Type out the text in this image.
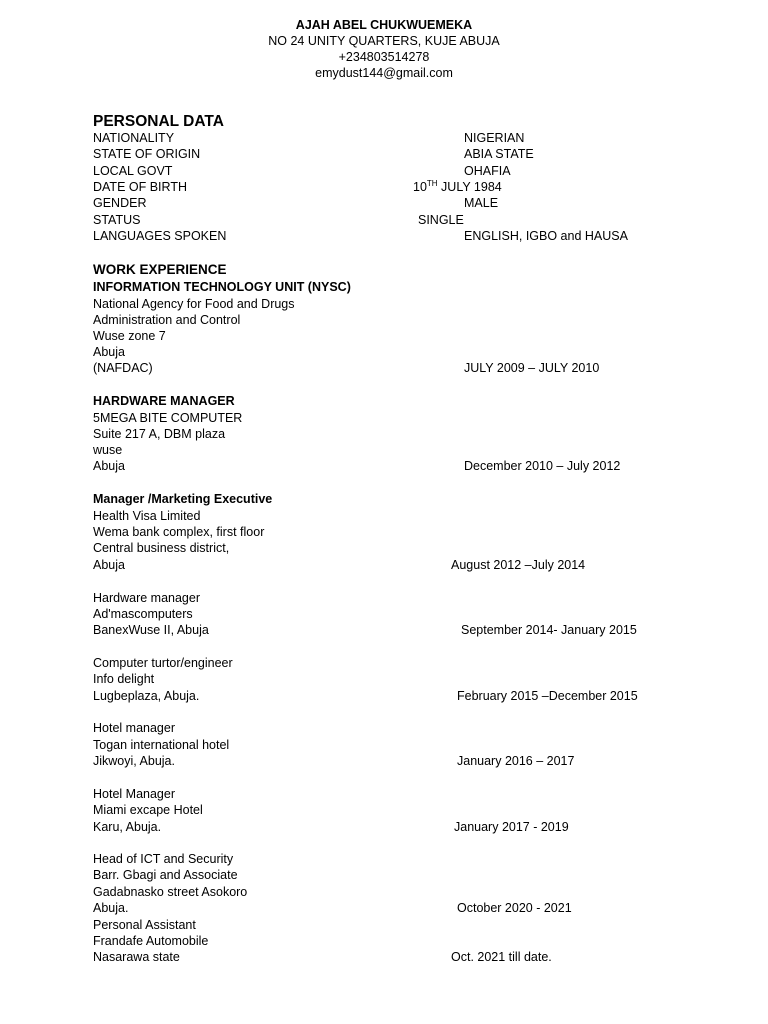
AJAH ABEL CHUKWUEMEKA
NO 24 UNITY QUARTERS, KUJE ABUJA
+234803514278
emydust144@gmail.com
PERSONAL DATA
NATIONALITY	NIGERIAN
STATE OF ORIGIN	ABIA STATE
LOCAL GOVT	OHAFIA
DATE OF BIRTH	10TH JULY 1984
GENDER	MALE
STATUS	SINGLE
LANGUAGES SPOKEN	ENGLISH, IGBO and HAUSA
WORK EXPERIENCE
INFORMATION TECHNOLOGY UNIT (NYSC)
National Agency for Food and Drugs
Administration and Control
Wuse zone 7
Abuja
(NAFDAC)	JULY 2009 – JULY 2010
HARDWARE MANAGER
5MEGA BITE COMPUTER
Suite 217 A, DBM plaza
wuse
Abuja	December 2010 – July 2012
Manager /Marketing Executive
Health Visa Limited
Wema bank complex, first floor
Central business district,
Abuja	August 2012 –July 2014
Hardware manager
Ad'mascomputers
BanexWuse II, Abuja	September 2014- January 2015
Computer turtor/engineer
Info delight
Lugbeplaza, Abuja.	February 2015 –December 2015
Hotel manager
Togan international hotel
Jikwoyi, Abuja.	January 2016 – 2017
Hotel Manager
Miami excape Hotel
Karu, Abuja.	January 2017 - 2019
Head of ICT and Security
Barr. Gbagi and Associate
Gadabnasko street Asokoro
Abuja.	October 2020 - 2021
Personal Assistant
Frandafe Automobile
Nasarawa state	Oct. 2021 till date.
